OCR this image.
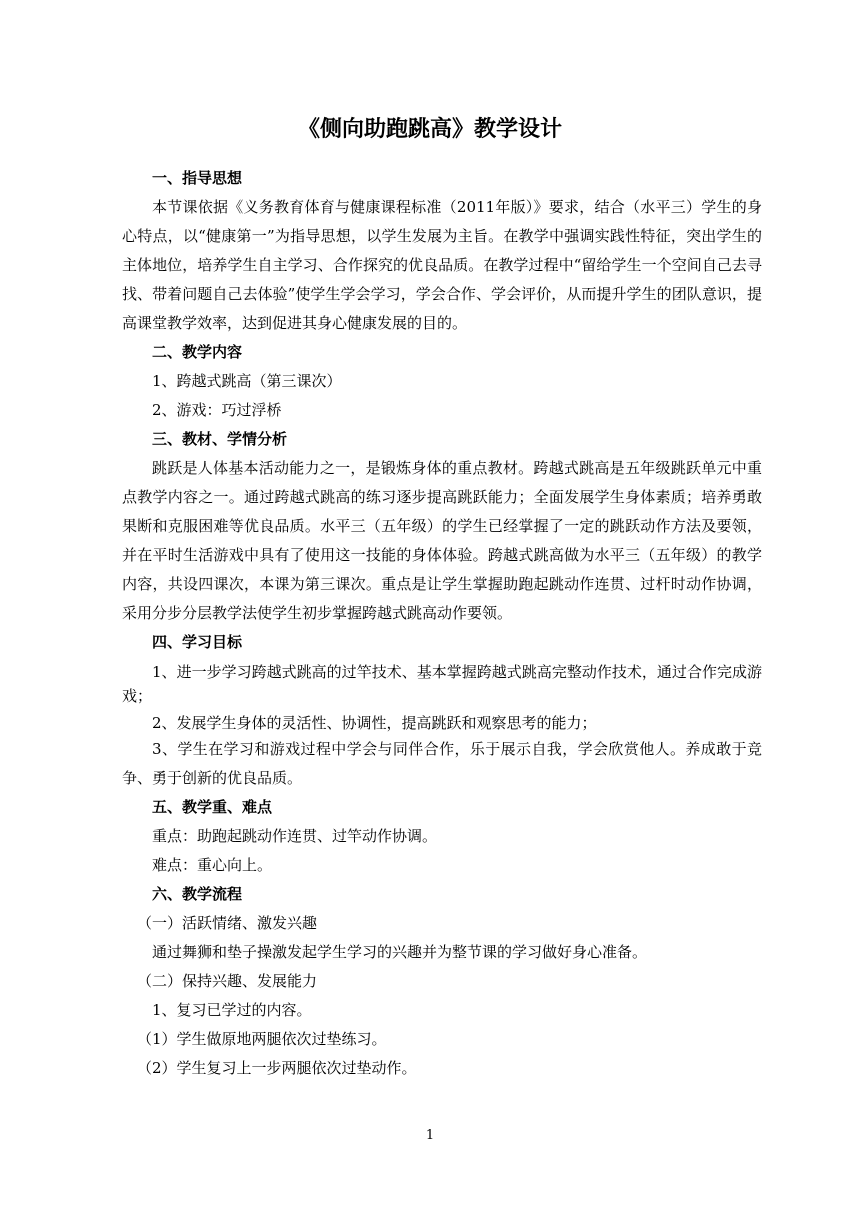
《侧向助跑跳高》教学设计

一、指导思想

本节课依据《义务教育体育与健康课程标准（2011年版）》要求，结合（水平三）学生的身心特点，以“健康第一”为指导思想，以学生发展为主旨。在教学中强调实践性特征，突出学生的主体地位，培养学生自主学习、合作探究的优良品质。在教学过程中“留给学生一个空间自己去寻找、带着问题自己去体验”使学生学会学习，学会合作、学会评价，从而提升学生的团队意识，提高课堂教学效率，达到促进其身心健康发展的目的。

二、教学内容

1、跨越式跳高（第三课次）

2、游戏：巧过浮桥

三、教材、学情分析

跳跃是人体基本活动能力之一，是锻炼身体的重点教材。跨越式跳高是五年级跳跃单元中重点教学内容之一。通过跨越式跳高的练习逐步提高跳跃能力；全面发展学生身体素质；培养勇敢果断和克服困难等优良品质。水平三（五年级）的学生已经掌握了一定的跳跃动作方法及要领，并在平时生活游戏中具有了使用这一技能的身体体验。跨越式跳高做为水平三（五年级）的教学内容，共设四课次，本课为第三课次。重点是让学生掌握助跑起跳动作连贯、过杆时动作协调，采用分步分层教学法使学生初步掌握跨越式跳高动作要领。

四、学习目标

1、进一步学习跨越式跳高的过竿技术、基本掌握跨越式跳高完整动作技术，通过合作完成游戏；

2、发展学生身体的灵活性、协调性，提高跳跃和观察思考的能力；

3、学生在学习和游戏过程中学会与同伴合作，乐于展示自我，学会欣赏他人。养成敢于竞争、勇于创新的优良品质。

五、教学重、难点

重点：助跑起跳动作连贯、过竿动作协调。

难点：重心向上。

六、教学流程

（一）活跃情绪、激发兴趣

通过舞狮和垫子操激发起学生学习的兴趣并为整节课的学习做好身心准备。

（二）保持兴趣、发展能力

1、复习已学过的内容。

（1）学生做原地两腿依次过垫练习。

（2）学生复习上一步两腿依次过垫动作。

1
